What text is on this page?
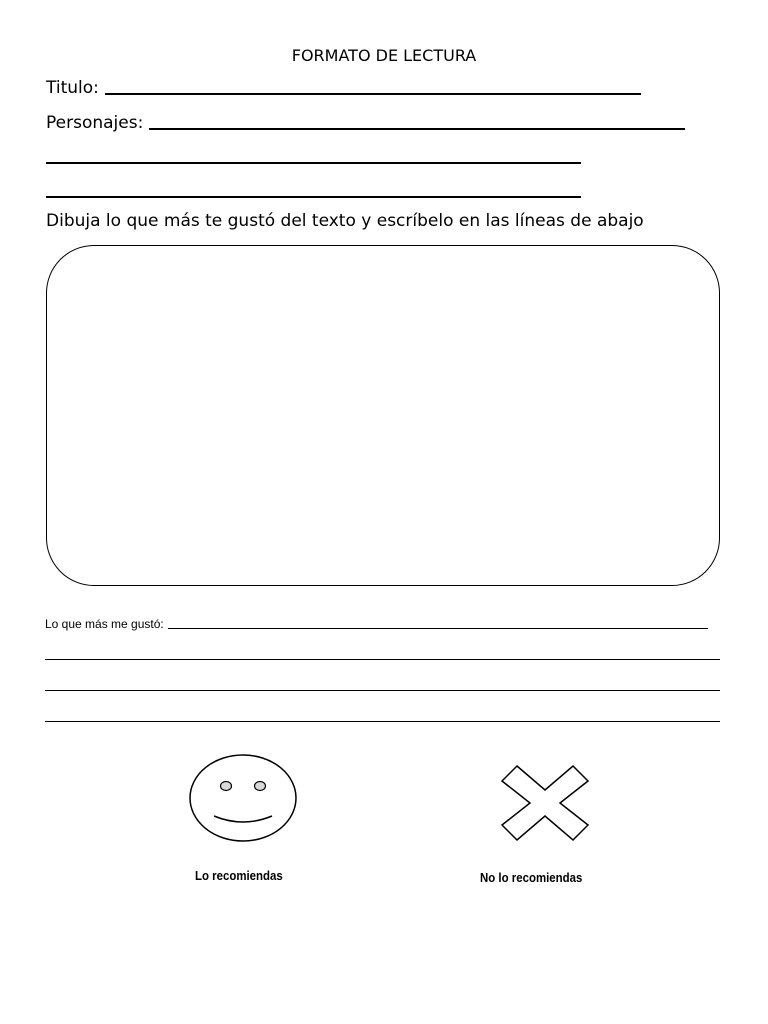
FORMATO DE LECTURA
Titulo:
Personajes:
Dibuja lo que más te gustó del texto y escríbelo en las líneas de abajo
Lo que más me gustó:
Lo recomiendas	No lo recomiendas
